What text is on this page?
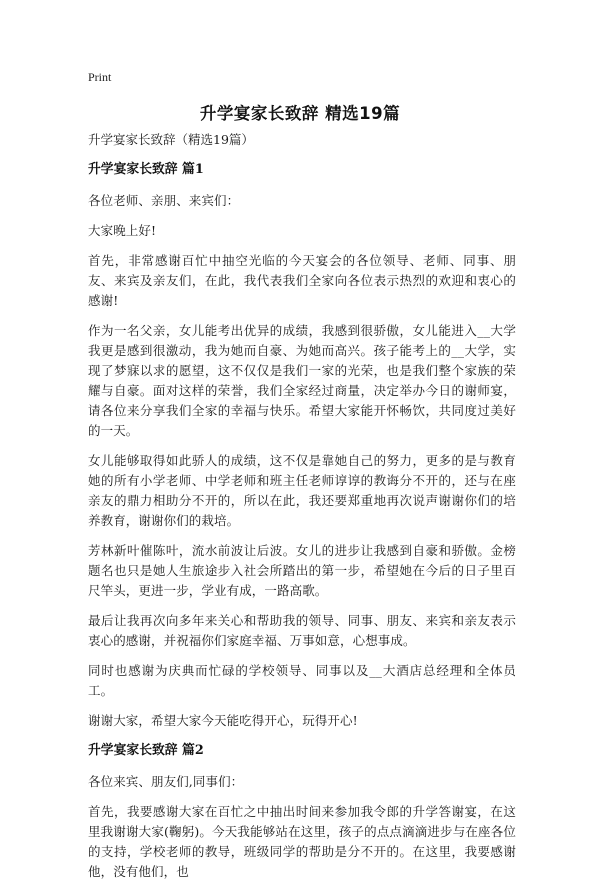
Print
升学宴家长致辞 精选19篇

升学宴家长致辞（精选19篇）

升学宴家长致辞 篇1

各位老师、亲朋、来宾们：

大家晚上好!

首先，非常感谢百忙中抽空光临的今天宴会的各位领导、老师、同事、朋友、来宾及亲友们，在此，我代表我们全家向各位表示热烈的欢迎和衷心的感谢!

作为一名父亲，女儿能考出优异的成绩，我感到很骄傲，女儿能进入__大学我更是感到很激动，我为她而自豪、为她而高兴。孩子能考上的__大学，实现了梦寐以求的愿望，这不仅仅是我们一家的光荣，也是我们整个家族的荣耀与自豪。面对这样的荣誉，我们全家经过商量，决定举办今日的谢师宴，请各位来分享我们全家的幸福与快乐。希望大家能开怀畅饮，共同度过美好的一天。

女儿能够取得如此骄人的成绩，这不仅是靠她自己的努力，更多的是与教育她的所有小学老师、中学老师和班主任老师谆谆的教诲分不开的，还与在座亲友的鼎力相助分不开的，所以在此，我还要郑重地再次说声谢谢你们的培养教育，谢谢你们的栽培。

芳林新叶催陈叶，流水前波让后波。女儿的进步让我感到自豪和骄傲。金榜题名也只是她人生旅途步入社会所踏出的第一步，希望她在今后的日子里百尺竿头，更进一步，学业有成，一路高歌。

最后让我再次向多年来关心和帮助我的领导、同事、朋友、来宾和亲友表示衷心的感谢，并祝福你们家庭幸福、万事如意，心想事成。

同时也感谢为庆典而忙碌的学校领导、同事以及__大酒店总经理和全体员工。

谢谢大家，希望大家今天能吃得开心，玩得开心!

升学宴家长致辞 篇2

各位来宾、朋友们,同事们：

首先，我要感谢大家在百忙之中抽出时间来参加我令郎的升学答谢宴，在这里我谢谢大家(鞠躬)。今天我能够站在这里，孩子的点点滴滴进步与在座各位的支持，学校老师的教导，班级同学的帮助是分不开的。在这里，我要感谢他，没有他们，也
